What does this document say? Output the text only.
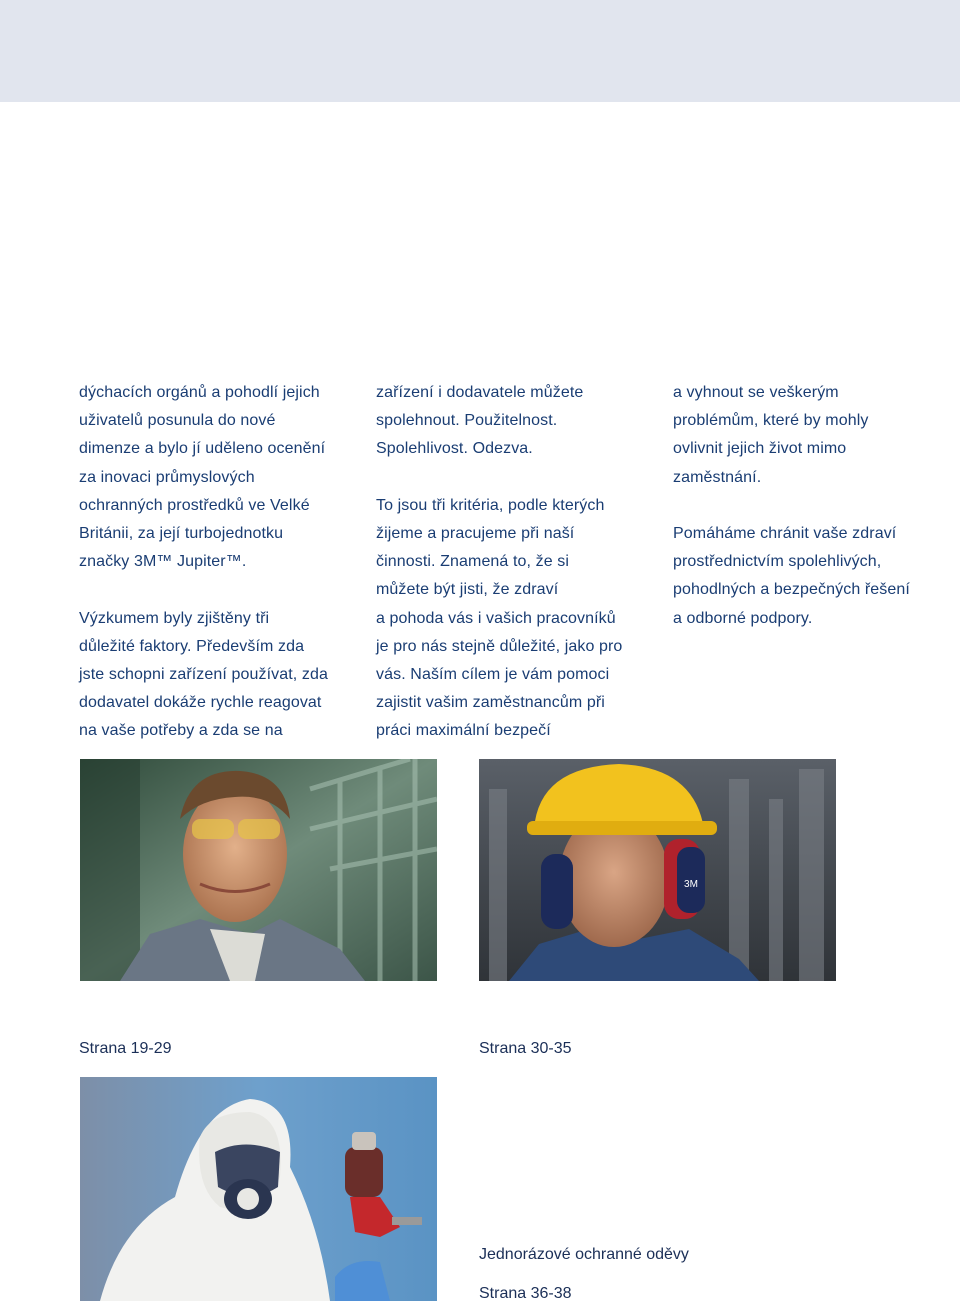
dýchacích orgánů a pohodlí jejich
uživatelů posunula do nové
dimenze a bylo jí uděleno ocenění
za inovaci průmyslových
ochranných prostředků ve Velké
Británii, za její turbojednotku
značky 3M™ Jupiter™.

Výzkumem byly zjištěny tři
důležité faktory. Především zda
jste schopni zařízení používat, zda
dodavatel dokáže rychle reagovat
na vaše potřeby a zda se na

zařízení i dodavatele můžete
spolehnout. Použitelnost.
Spolehlivost. Odezva.

To jsou tři kritéria, podle kterých
žijeme a pracujeme při naší
činnosti. Znamená to, že si
můžete být jisti, že zdraví
a pohoda vás i vašich pracovníků
je pro nás stejně důležité, jako pro
vás. Naším cílem je vám pomoci
zajistit vašim zaměstnancům při
práci maximální bezpečí

a vyhnout se veškerým
problémům, které by mohly
ovlivnit jejich život mimo
zaměstnání.

Pomáháme chránit vaše zdraví
prostřednictvím spolehlivých,
pohodlných a bezpečných řešení
a odborné podpory.

3M
Strana 19-29	Strana 30-35
Jednorázové ochranné oděvy
Strana 36-38
